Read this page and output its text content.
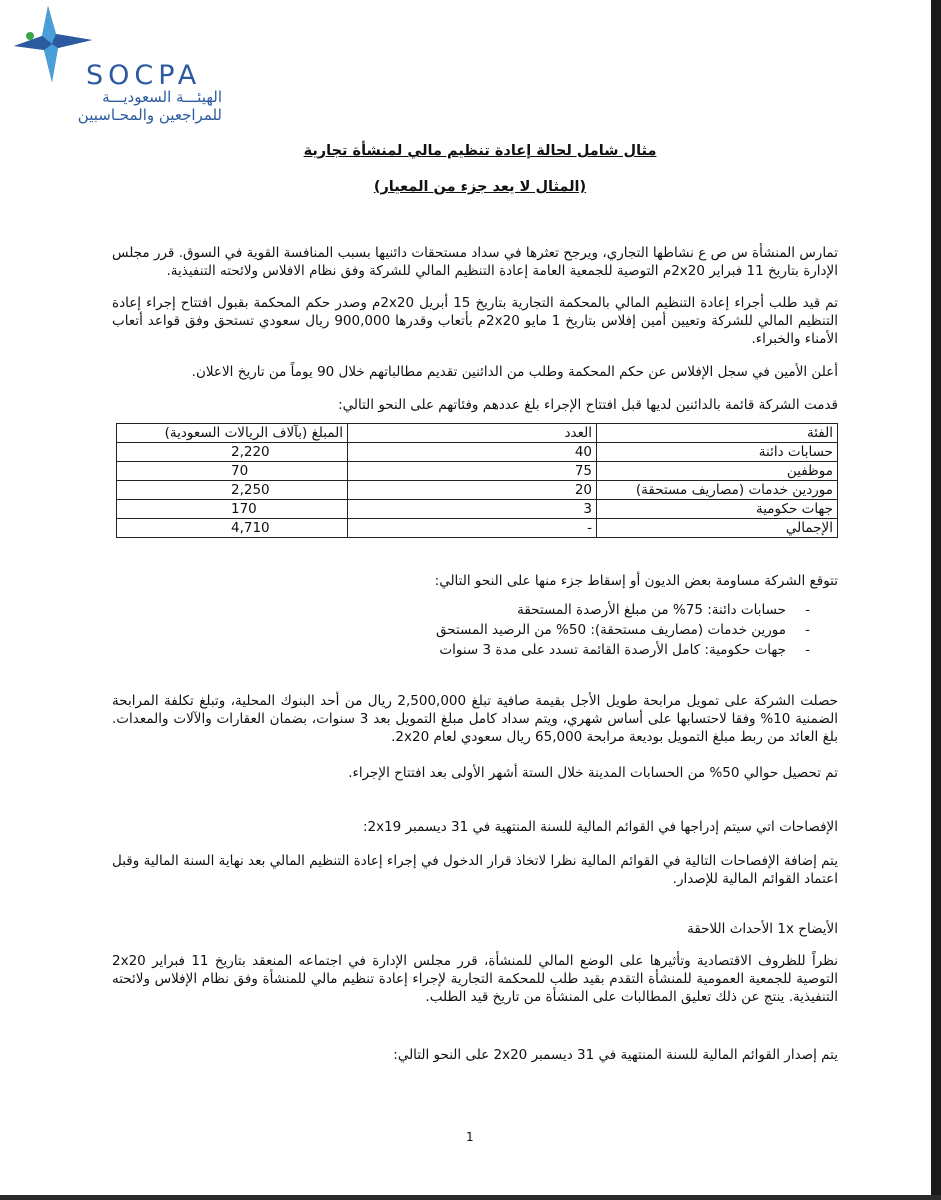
SOCPA
الهيئـــة السعوديـــة
للمراجعين والمحـاسبين
مثال شامل لحالة إعادة تنظيم مالي لمنشأة تجارية
(المثال لا يعد جزء من المعيار)

تمارس المنشأة س ص ع نشاطها التجاري، ويرجح تعثرها في سداد مستحقات دائنيها بسبب المنافسة القوية في السوق. قرر مجلس الإدارة بتاريخ 11 فبراير 2x20م التوصية للجمعية العامة إعادة التنظيم المالي للشركة وفق نظام الافلاس ولائحته التنفيذية.

تم قيد طلب أجراء إعادة التنظيم المالي بالمحكمة التجارية بتاريخ 15 أبريل 2x20م وصدر حكم المحكمة بقبول افتتاح إجراء إعادة التنظيم المالي للشركة وتعيين أمين إفلاس بتاريخ 1 مايو 2x20م بأتعاب وقدرها 900,000 ريال سعودي تستحق وفق قواعد أتعاب الأمناء والخبراء.

أعلن الأمين في سجل الإفلاس عن حكم المحكمة وطلب من الدائنين تقديم مطالباتهم خلال 90 يوماً من تاريخ الاعلان.

قدمت الشركة قائمة بالدائنين لديها قبل افتتاح الإجراء بلغ عددهم وفئاتهم على النحو التالي:

الفئة	العدد	المبلغ (بآلاف الريالات السعودية)
حسابات دائنة	40	2,220
موظفين	75	70
موردين خدمات (مصاريف مستحقة)	20	2,250
جهات حكومية	3	170
الإجمالي	-	4,710

تتوقع الشركة مساومة بعض الديون أو إسقاط جزء منها على النحو التالي:

-
حسابات دائنة: 75% من مبلغ الأرصدة المستحقة
-
مورين خدمات (مصاريف مستحقة): 50% من الرصيد المستحق
-
جهات حكومية: كامل الأرصدة القائمة تسدد على مدة 3 سنوات

حصلت الشركة على تمويل مرابحة طويل الأجل بقيمة صافية تبلغ 2,500,000 ريال من أحد البنوك المحلية، وتبلغ تكلفة المرابحة الضمنية 10% وفقا لاحتسابها على أساس شهري، ويتم سداد كامل مبلغ التمويل بعد 3 سنوات، بضمان العقارات والآلات والمعدات. بلغ العائد من ربط مبلغ التمويل بوديعة مرابحة 65,000 ريال سعودي لعام 2x20.

تم تحصيل حوالي 50% من الحسابات المدينة خلال الستة أشهر الأولى بعد افتتاح الإجراء.

الإفصاحات اتي سيتم إدراجها في القوائم المالية للسنة المنتهية في 31 ديسمبر 2x19:

يتم إضافة الإفصاحات التالية في القوائم المالية نظرا لاتخاذ قرار الدخول في إجراء إعادة التنظيم المالي بعد نهاية السنة المالية وقبل اعتماد القوائم المالية للإصدار.

الأيضاح 1x الأحداث اللاحقة

نظراً للظروف الاقتصادية وتأثيرها على الوضع المالي للمنشأة، قرر مجلس الإدارة في اجتماعه المنعقد بتاريخ 11 فبراير 2x20 التوصية للجمعية العمومية للمنشأة التقدم بقيد طلب للمحكمة التجارية لإجراء إعادة تنظيم مالي للمنشأة وفق نظام الإفلاس ولائحته التنفيذية. ينتج عن ذلك تعليق المطالبات على المنشأة من تاريخ قيد الطلب.

يتم إصدار القوائم المالية للسنة المنتهية في 31 ديسمبر 2x20 على النحو التالي:

1
